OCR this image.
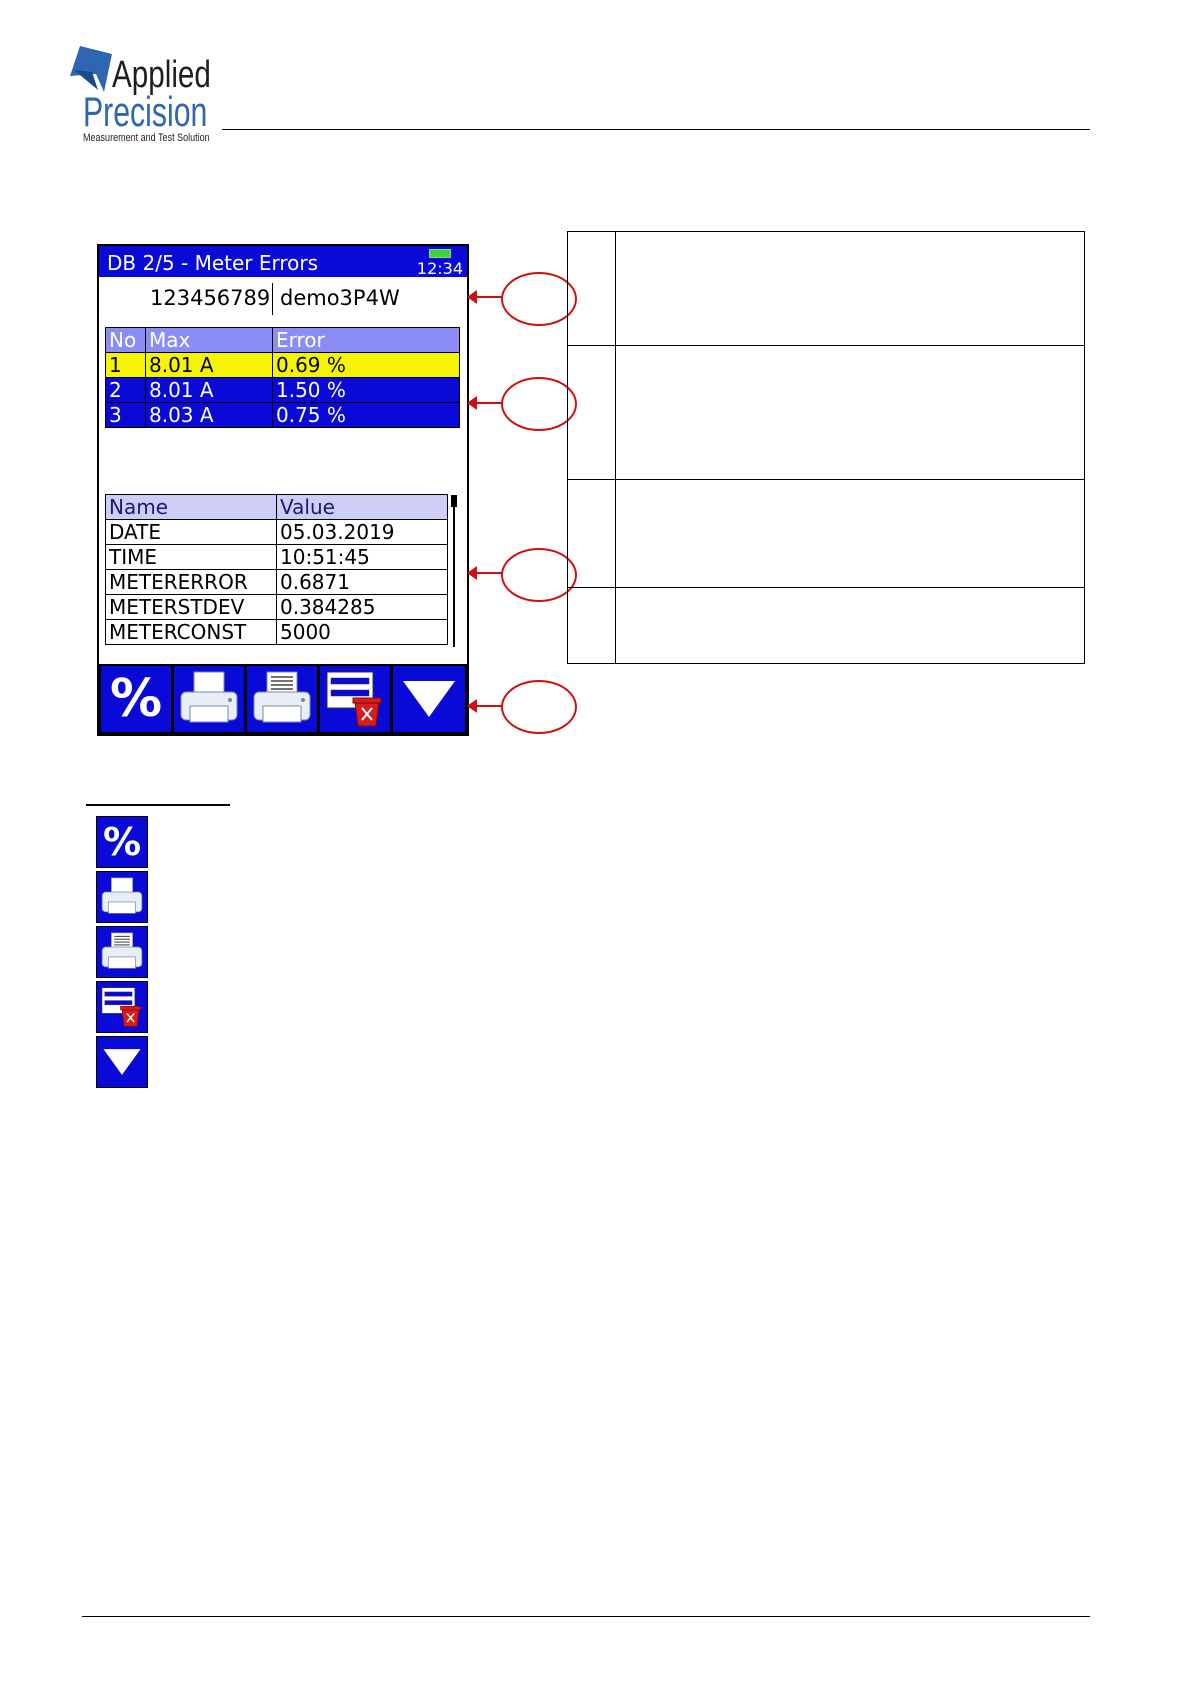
Applied
Precision
Measurement and Test Solution
DB 2/5 - Meter Errors	12:34
123456789 demo3P4W
No	Max	Error
1	8.01 A	0.69 %
2	8.01 A	1.50 %
3	8.03 A	0.75 %
Name	Value
DATE	05.03.2019
TIME	10:51:45
METERERROR	0.6871
METERSTDEV	0.384285
METERCONST	5000
%

%
